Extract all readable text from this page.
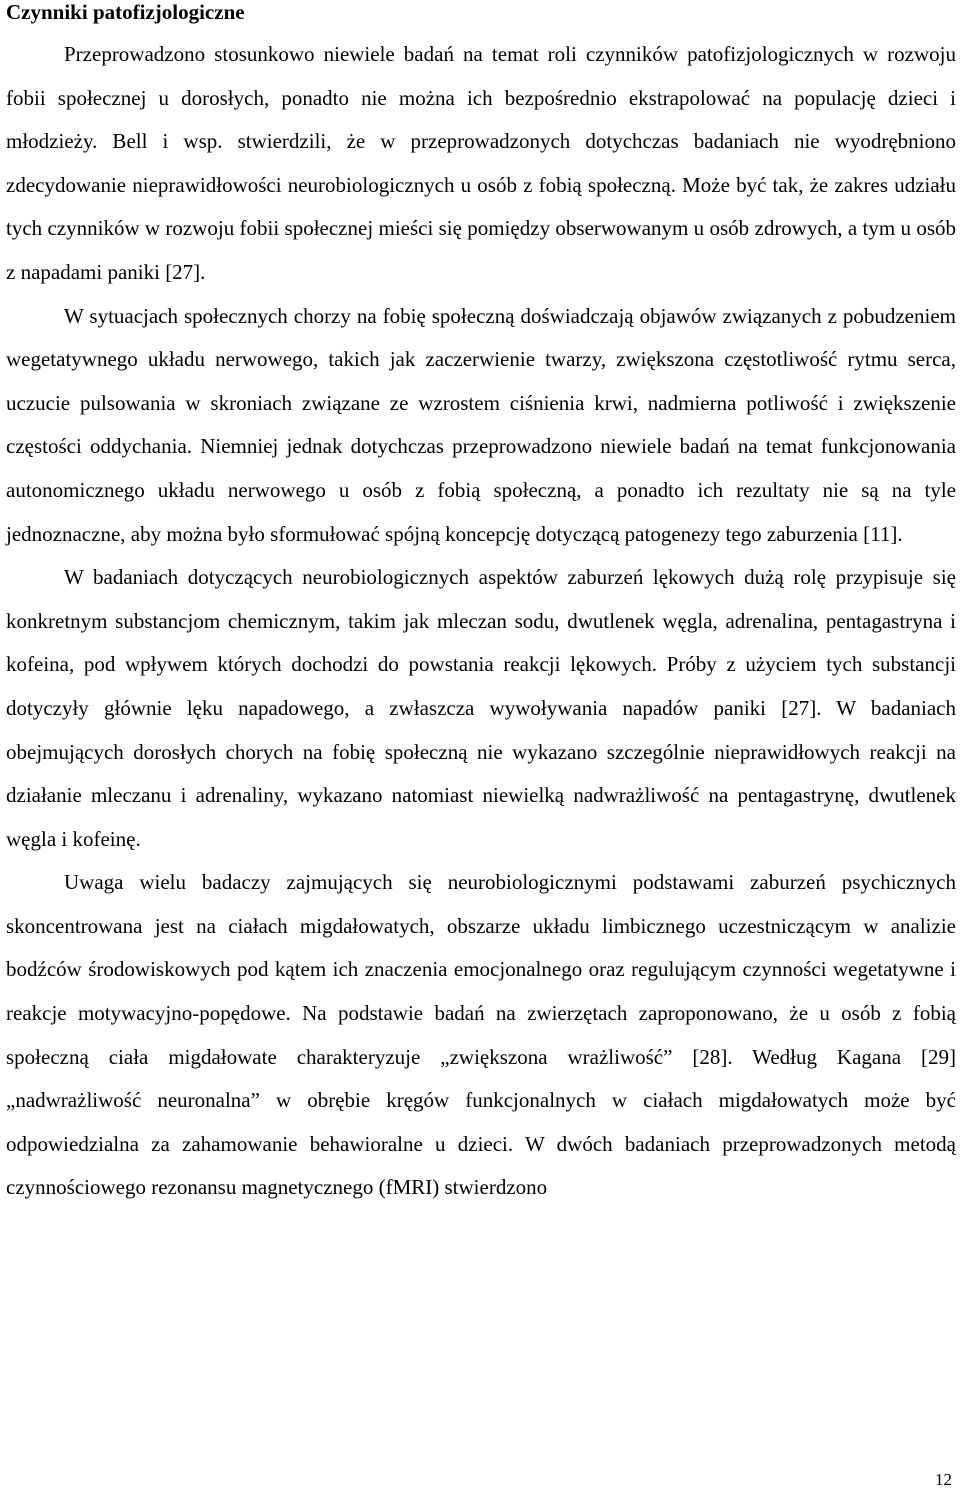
Czynniki patofizjologiczne

Przeprowadzono stosunkowo niewiele badań na temat roli czynników patofizjologicznych w rozwoju fobii społecznej u dorosłych, ponadto nie można ich bezpośrednio ekstrapolować na populację dzieci i młodzieży. Bell i wsp. stwierdzili, że w przeprowadzonych dotychczas badaniach nie wyodrębniono zdecydowanie nieprawidłowości neurobiologicznych u osób z fobią społeczną. Może być tak, że zakres udziału tych czynników w rozwoju fobii społecznej mieści się pomiędzy obserwowanym u osób zdrowych, a tym u osób z napadami paniki [27].

W sytuacjach społecznych chorzy na fobię społeczną doświadczają objawów związanych z pobudzeniem wegetatywnego układu nerwowego, takich jak zaczerwienie twarzy, zwiększona częstotliwość rytmu serca, uczucie pulsowania w skroniach związane ze wzrostem ciśnienia krwi, nadmierna potliwość i zwiększenie częstości oddychania. Niemniej jednak dotychczas przeprowadzono niewiele badań na temat funkcjonowania autonomicznego układu nerwowego u osób z fobią społeczną, a ponadto ich rezultaty nie są na tyle jednoznaczne, aby można było sformułować spójną koncepcję dotyczącą patogenezy tego zaburzenia [11].

W badaniach dotyczących neurobiologicznych aspektów zaburzeń lękowych dużą rolę przypisuje się konkretnym substancjom chemicznym, takim jak mleczan sodu, dwutlenek węgla, adrenalina, pentagastryna i kofeina, pod wpływem których dochodzi do powstania reakcji lękowych. Próby z użyciem tych substancji dotyczyły głównie lęku napadowego, a zwłaszcza wywoływania napadów paniki [27]. W badaniach obejmujących dorosłych chorych na fobię społeczną nie wykazano szczególnie nieprawidłowych reakcji na działanie mleczanu i adrenaliny, wykazano natomiast niewielką nadwrażliwość na pentagastrynę, dwutlenek węgla i kofeinę.

Uwaga wielu badaczy zajmujących się neurobiologicznymi podstawami zaburzeń psychicznych skoncentrowana jest na ciałach migdałowatych, obszarze układu limbicznego uczestniczącym w analizie bodźców środowiskowych pod kątem ich znaczenia emocjonalnego oraz regulującym czynności wegetatywne i reakcje motywacyjno-popędowe. Na podstawie badań na zwierzętach zaproponowano, że u osób z fobią społeczną ciała migdałowate charakteryzuje „zwiększona wrażliwość” [28]. Według Kagana [29] „nadwrażliwość neuronalna” w obrębie kręgów funkcjonalnych w ciałach migdałowatych może być odpowiedzialna za zahamowanie behawioralne u dzieci. W dwóch badaniach przeprowadzonych metodą czynnościowego rezonansu magnetycznego (fMRI) stwierdzono

12
